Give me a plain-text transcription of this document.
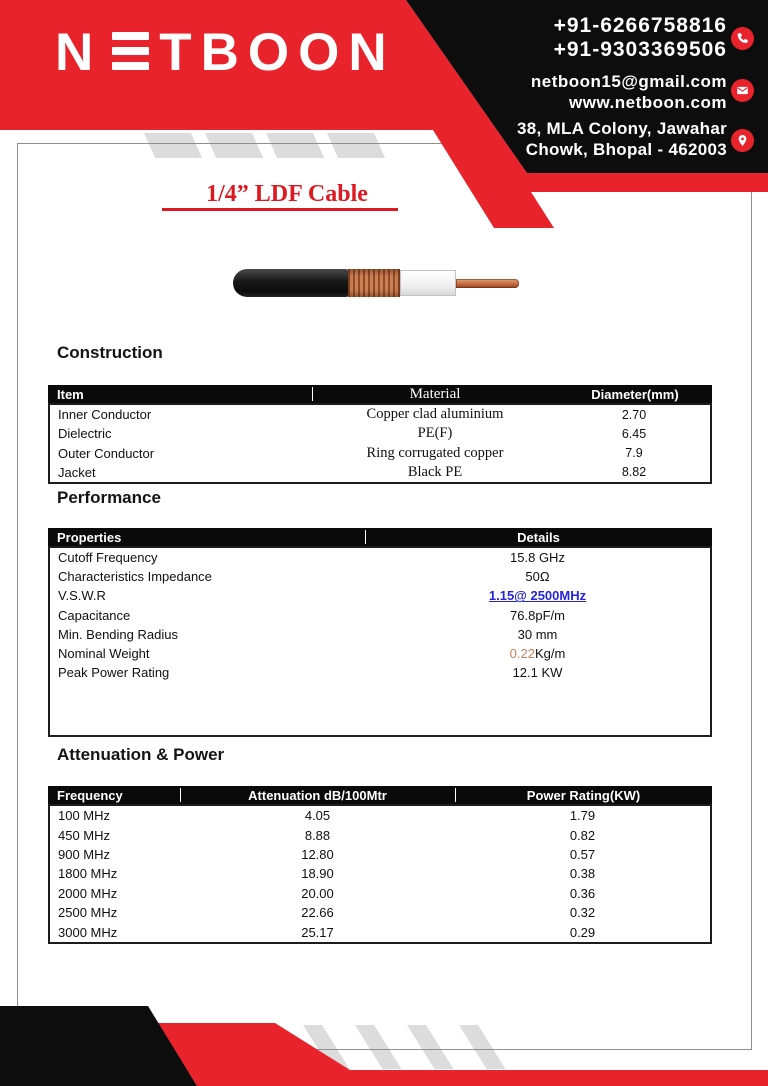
N TBOON	+91-6266758816
+91-9303369506
netboon15@gmail.com
www.netboon.com
38, MLA Colony, Jawahar
Chowk, Bhopal - 462003
1/4” LDF Cable
Construction
Item	Material	Diameter(mm)
Inner Conductor	Copper clad aluminium	2.70
Dielectric	PE(F)	6.45
Outer Conductor	Ring corrugated copper	7.9
Jacket	Black PE	8.82
Performance
Properties	Details
Cutoff Frequency	15.8 GHz
Characteristics Impedance	50Ω
V.S.W.R	1.15@ 2500MHz
Capacitance	76.8pF/m
Min. Bending Radius	30 mm
Nominal Weight	0.22Kg/m
Peak Power Rating	12.1 KW
Attenuation & Power
Frequency	Attenuation dB/100Mtr	Power Rating(KW)
100 MHz	4.05	1.79
450 MHz	8.88	0.82
900 MHz	12.80	0.57
1800 MHz	18.90	0.38
2000 MHz	20.00	0.36
2500 MHz	22.66	0.32
3000 MHz	25.17	0.29
